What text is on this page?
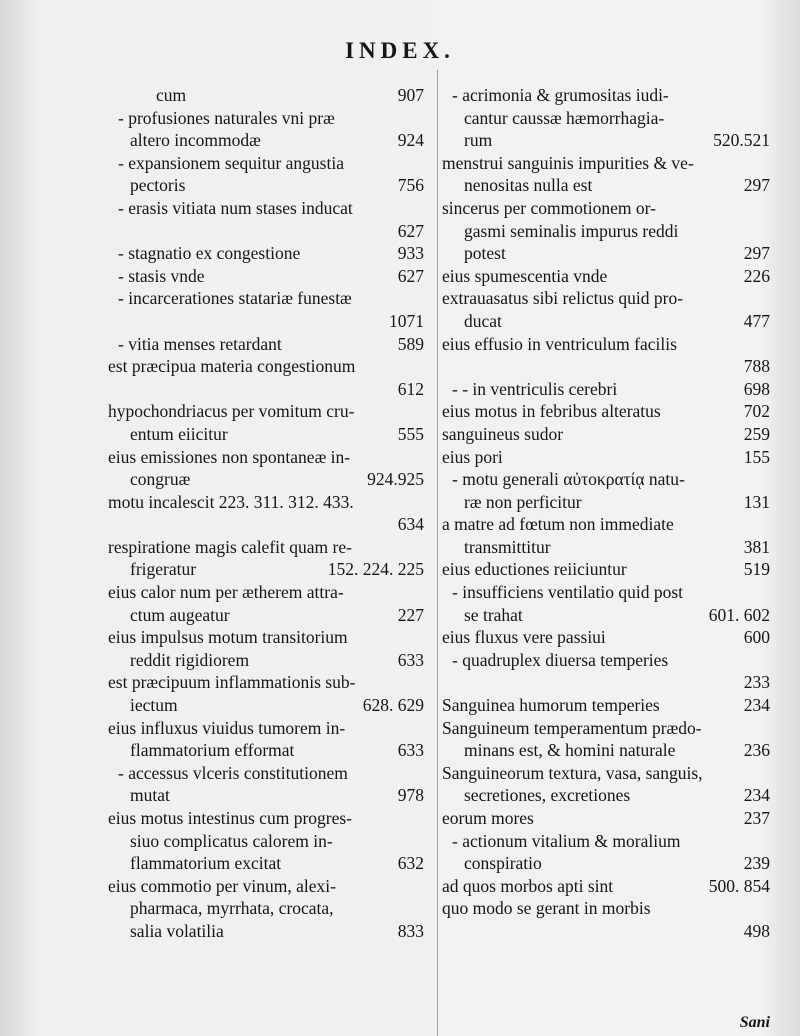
INDEX.
907
cum
- profusiones naturales vni præ
924
altero incommodæ
- expansionem sequitur angustia
756
pectoris
- erasis vitiata num stases inducat
627

933
- stagnatio ex congestione
627
- stasis vnde
- incarcerationes statariæ funestæ
1071

589
- vitia menses retardant
est præcipua materia congestionum
612

hypochondriacus per vomitum cru-
555
entum eiicitur
eius emissiones non spontaneæ in-
924.925
congruæ
motu incalescit 223. 311. 312. 433.
634

respiratione magis calefit quam re-
152. 224. 225
frigeratur
eius calor num per ætherem attra-
227
ctum augeatur
eius impulsus motum transitorium
633
reddit rigidiorem
est præcipuum inflammationis sub-
628. 629
iectum
eius influxus viuidus tumorem in-
633
flammatorium efformat
- accessus vlceris constitutionem
978
mutat
eius motus intestinus cum progres-
siuo complicatus calorem in-
632
flammatorium excitat
eius commotio per vinum, alexi-
pharmaca, myrrhata, crocata,
833
salia volatilia
- acrimonia & grumositas iudi-
cantur caussæ hæmorrhagia-
520.521
rum
menstrui sanguinis impurities & ve-
297
nenositas nulla est
sincerus per commotionem or-
gasmi seminalis impurus reddi
297
potest
226
eius spumescentia vnde
extrauasatus sibi relictus quid pro-
477
ducat
eius effusio in ventriculum facilis
788

698
- - in ventriculis cerebri
702
eius motus in febribus alteratus
259
sanguineus sudor
155
eius pori
- motu generali αὐτοκρατίᾳ natu-
131
ræ non perficitur
a matre ad fœtum non immediate
381
transmittitur
519
eius eductiones reiiciuntur
- insufficiens ventilatio quid post
601. 602
se trahat
600
eius fluxus vere passiui
- quadruplex diuersa temperies
233

234
Sanguinea humorum temperies
Sanguineum temperamentum prædo-
236
minans est, & homini naturale
Sanguineorum textura, vasa, sanguis,
234
secretiones, excretiones
237
eorum mores
- actionum vitalium & moralium
239
conspiratio
500. 854
ad quos morbos apti sint
quo modo se gerant in morbis
498

Sani
